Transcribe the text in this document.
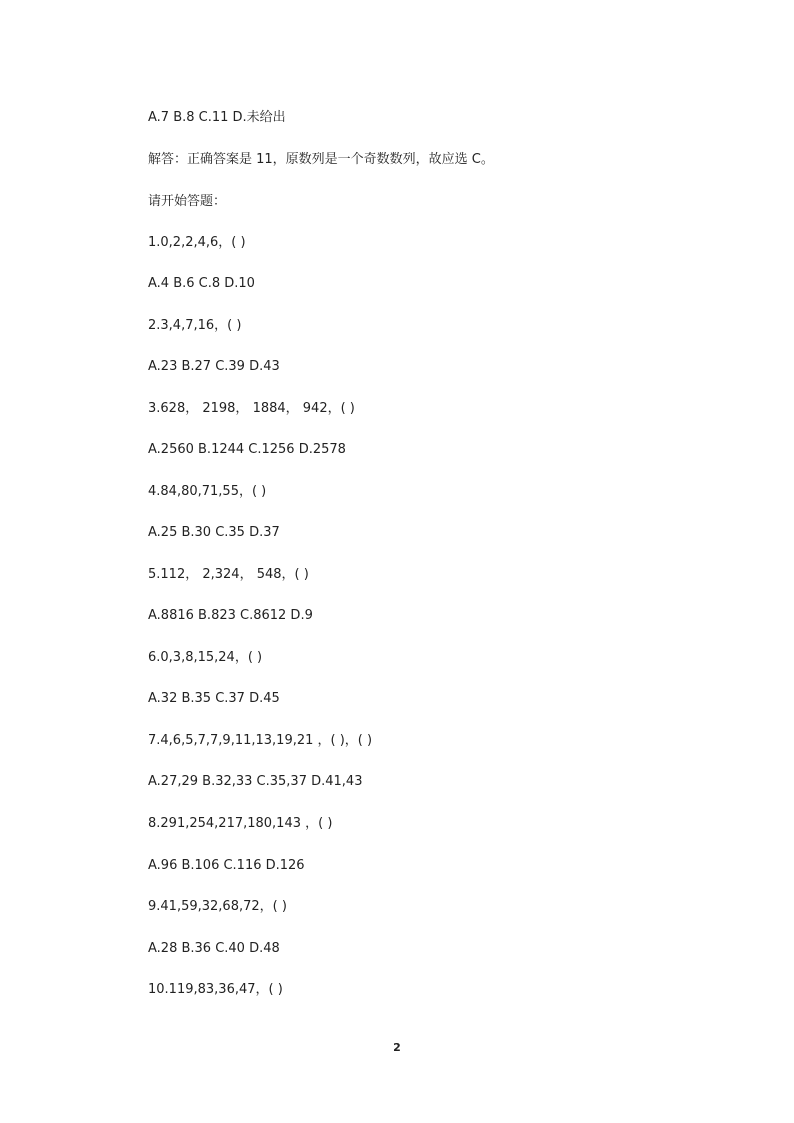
A.7 B.8 C.11 D.未给出
解答：正确答案是 11，原数列是一个奇数数列，故应选 C。
请开始答题：
1.0,2,2,4,6，( )
A.4 B.6 C.8 D.10
2.3,4,7,16，( )
A.23 B.27 C.39 D.43
3.628， 2198， 1884， 942，( )
A.2560 B.1244 C.1256 D.2578
4.84,80,71,55，( )
A.25 B.30 C.35 D.37
5.112， 2,324， 548，( )
A.8816 B.823 C.8612 D.9
6.0,3,8,15,24，( )
A.32 B.35 C.37 D.45
7.4,6,5,7,7,9,11,13,19,21 ，( )，( )
A.27,29 B.32,33 C.35,37 D.41,43
8.291,254,217,180,143 ，( )
A.96 B.106 C.116 D.126
9.41,59,32,68,72，( )
A.28 B.36 C.40 D.48
10.119,83,36,47，( )
2
